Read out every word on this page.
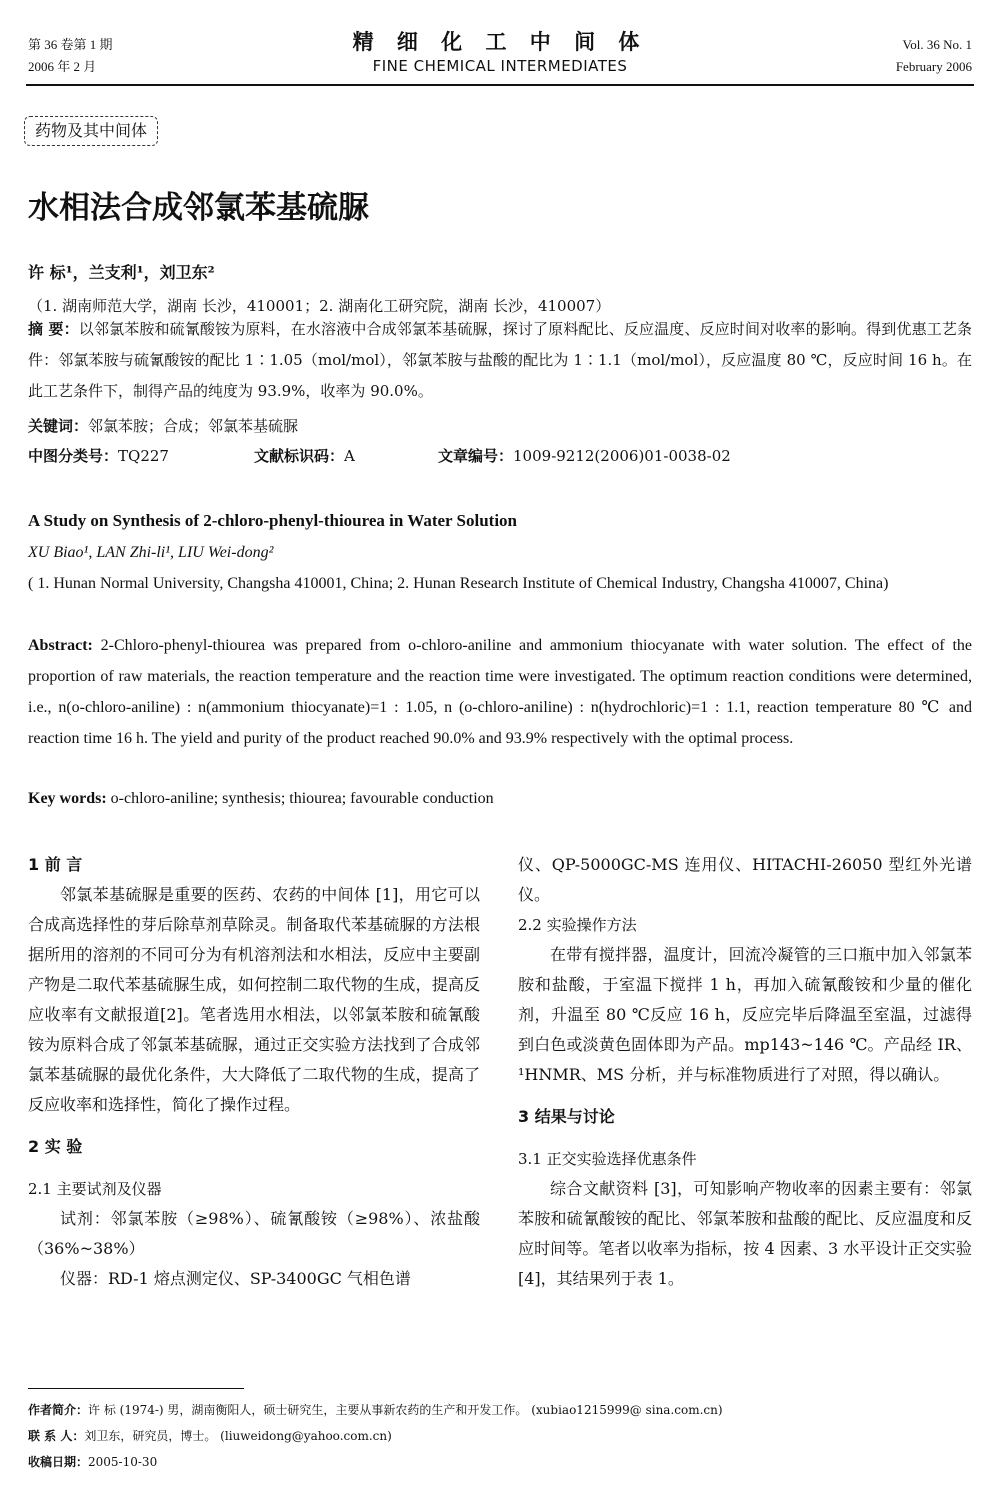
第 36 卷第 1 期
2006 年 2 月
精 细 化 工 中 间 体
FINE CHEMICAL INTERMEDIATES
Vol. 36 No. 1
February 2006
药物及其中间体
水相法合成邻氯苯基硫脲
许 标¹，兰支利¹，刘卫东²
（1. 湖南师范大学，湖南 长沙，410001；2. 湖南化工研究院，湖南 长沙，410007）
摘 要：以邻氯苯胺和硫氰酸铵为原料，在水溶液中合成邻氯苯基硫脲，探讨了原料配比、反应温度、反应时间对收率的影响。得到优惠工艺条件：邻氯苯胺与硫氰酸铵的配比 1∶1.05（mol/mol），邻氯苯胺与盐酸的配比为 1∶1.1（mol/mol），反应温度 80 ℃，反应时间 16 h。在此工艺条件下，制得产品的纯度为 93.9%，收率为 90.0%。
关键词：邻氯苯胺；合成；邻氯苯基硫脲
中图分类号：TQ227	文献标识码：A	文章编号：1009-9212(2006)01-0038-02
A Study on Synthesis of 2-chloro-phenyl-thiourea in Water Solution
XU Biao¹, LAN Zhi-li¹, LIU Wei-dong²
( 1. Hunan Normal University, Changsha 410001, China; 2. Hunan Research Institute of Chemical Industry, Changsha 410007, China)
Abstract: 2-Chloro-phenyl-thiourea was prepared from o-chloro-aniline and ammonium thiocyanate with water solution. The effect of the proportion of raw materials, the reaction temperature and the reaction time were investigated. The optimum reaction conditions were determined, i.e., n(o-chloro-aniline) : n(ammonium thiocyanate)=1 : 1.05, n (o-chloro-aniline) : n(hydrochloric)=1 : 1.1, reaction temperature 80 ℃ and reaction time 16 h. The yield and purity of the product reached 90.0% and 93.9% respectively with the optimal process.
Key words: o-chloro-aniline; synthesis; thiourea; favourable conduction
1 前 言

邻氯苯基硫脲是重要的医药、农药的中间体 [1]，用它可以合成高选择性的芽后除草剂草除灵。制备取代苯基硫脲的方法根据所用的溶剂的不同可分为有机溶剂法和水相法，反应中主要副产物是二取代苯基硫脲生成，如何控制二取代物的生成，提高反应收率有文献报道[2]。笔者选用水相法，以邻氯苯胺和硫氰酸铵为原料合成了邻氯苯基硫脲，通过正交实验方法找到了合成邻氯苯基硫脲的最优化条件，大大降低了二取代物的生成，提高了反应收率和选择性，简化了操作过程。

2 实 验
2.1 主要试剂及仪器

试剂：邻氯苯胺（≥98%）、硫氰酸铵（≥98%）、浓盐酸（36%~38%）

仪器：RD-1 熔点测定仪、SP-3400GC 气相色谱

仪、QP-5000GC-MS 连用仪、HITACHI-26050 型红外光谱仪。
2.2 实验操作方法

在带有搅拌器，温度计，回流冷凝管的三口瓶中加入邻氯苯胺和盐酸，于室温下搅拌 1 h，再加入硫氰酸铵和少量的催化剂，升温至 80 ℃反应 16 h，反应完毕后降温至室温，过滤得到白色或淡黄色固体即为产品。mp143~146 ℃。产品经 IR、¹HNMR、MS 分析，并与标准物质进行了对照，得以确认。

3 结果与讨论
3.1 正交实验选择优惠条件

综合文献资料 [3]，可知影响产物收率的因素主要有：邻氯苯胺和硫氰酸铵的配比、邻氯苯胺和盐酸的配比、反应温度和反应时间等。笔者以收率为指标，按 4 因素、3 水平设计正交实验[4]，其结果列于表 1。

作者简介：许 标 (1974-) 男，湖南衡阳人，硕士研究生，主要从事新农药的生产和开发工作。 (xubiao1215999@ sina.com.cn)
联 系 人：刘卫东，研究员，博士。 (liuweidong@yahoo.com.cn)
收稿日期：2005-10-30
